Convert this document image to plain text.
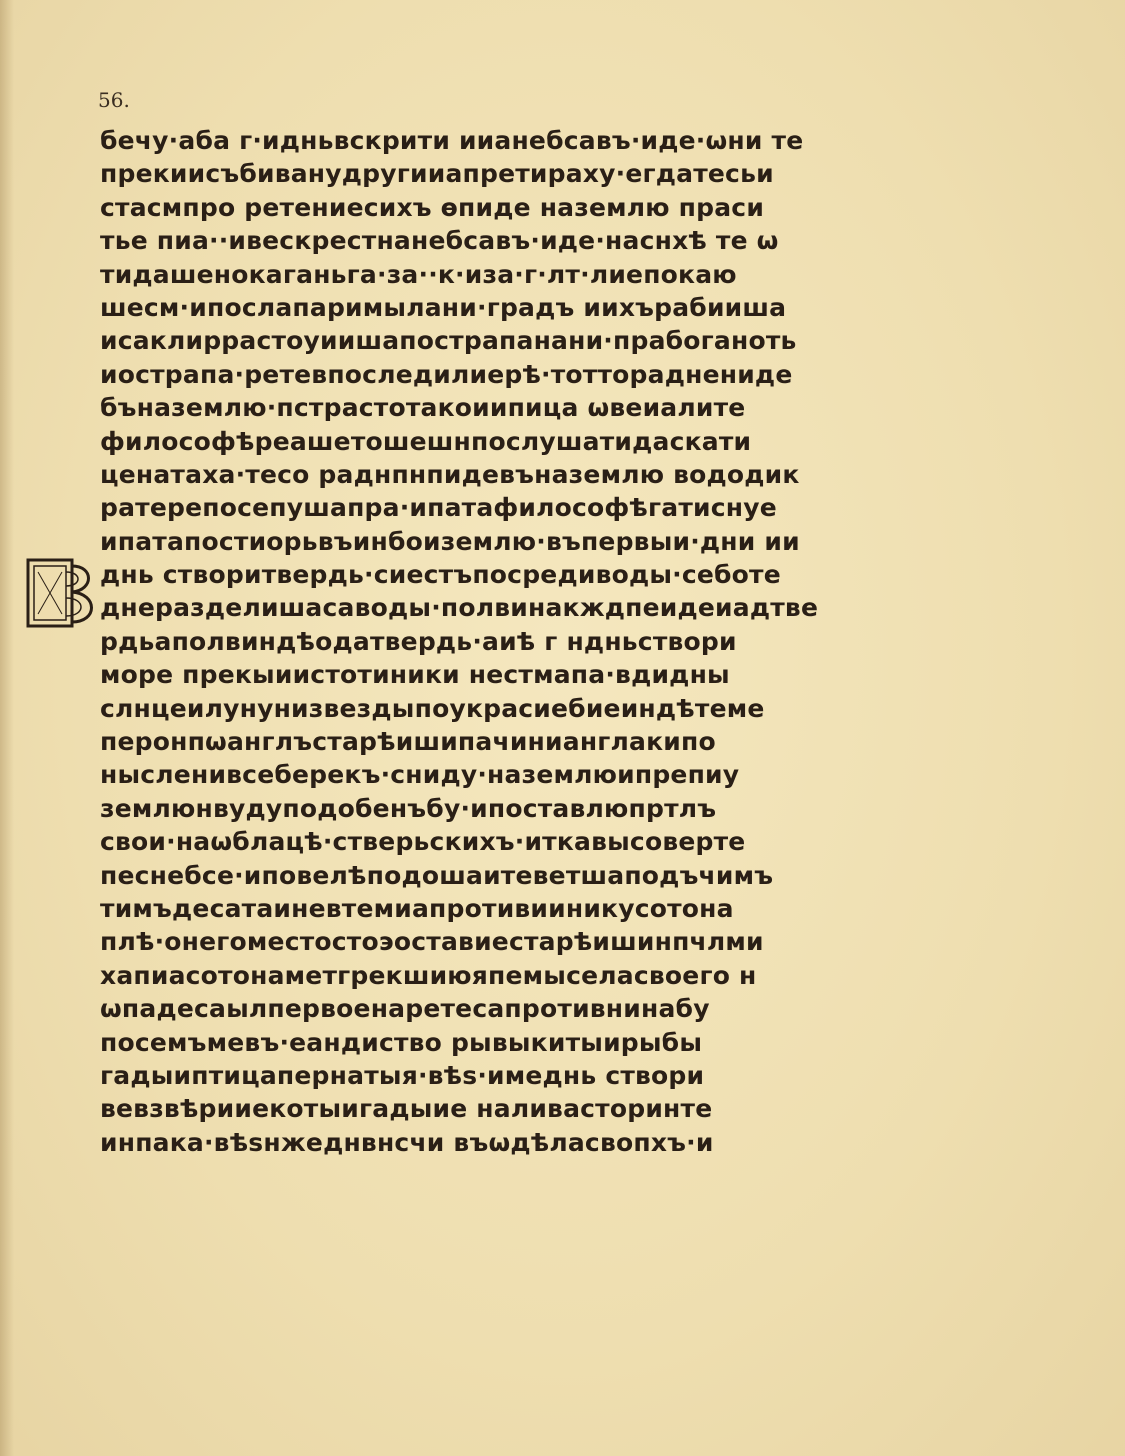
56.
бечу·аба г·идньвскрити иианебсавъ·иде·ѡни те
прекиисъбиванудругииапретираху·егдатесьи
стасмпро ретениесихъ ѳпиде наземлю праси
тье пиа··ивескрестнанебсавъ·иде·наснхѣ те ѡ
тидашенокаганьга·за··к·иза·г·лт·лиепокаю
шесм·ипослапаримылани·градъ иихърабииша
исаклиррастоуиишапострапанани·прабоганоть
иострапа·ретевпоследилиерѣ·тоттораднениде
бъназемлю·пстрастотакоиипица ѡвеиалите
философѣреашетошешнпослушатидаскати
ценатаха·тесо раднпнпидевъназемлю вододик
ратерепосепушапра·ипатафилософѣгатиснуе
ипатапостиорьвъинбоиземлю·въпервыи·дни ии
днь створитвердь·сиестъпосредиводы·себоте
днеразделишасаводы·полвинакждпеидеиадтве
рдьаполвиндѣодатвердь·аиѣ г ндньствори
море прекыиистотиники нестмапа·вдидны
слнцеилунунизвездыпоукрасиебиеиндѣтеме
перонпѡанглъстарѣишипачинианглакипо
нысленивсеберекъ·сниду·наземлюипрепиу
землюнвудуподобенъбу·ипоставлюпртлъ
свои·наѡблацѣ·стверьскихъ·иткавысоверте
песнебсе·иповелѣподошаитеветшаподъчимъ
тимъдесатаиневтемиапротивииникусотона
плѣ·онегоместостоэоставиестарѣишинпчлми
хапиасотонаметгрекшиюяпемыселасвоего н
ѡпадесаылпервоенаретесапротивнинабу
посемъмевъ·еандиство рывыкитыирыбы
гадыиптицапернатыя·вѣѕ·имеднь створи
вевзвѣрииекотыигадыие наливасторинте
инпака·вѣѕнжеднвнсчи въѡдѣласвопхъ·и
